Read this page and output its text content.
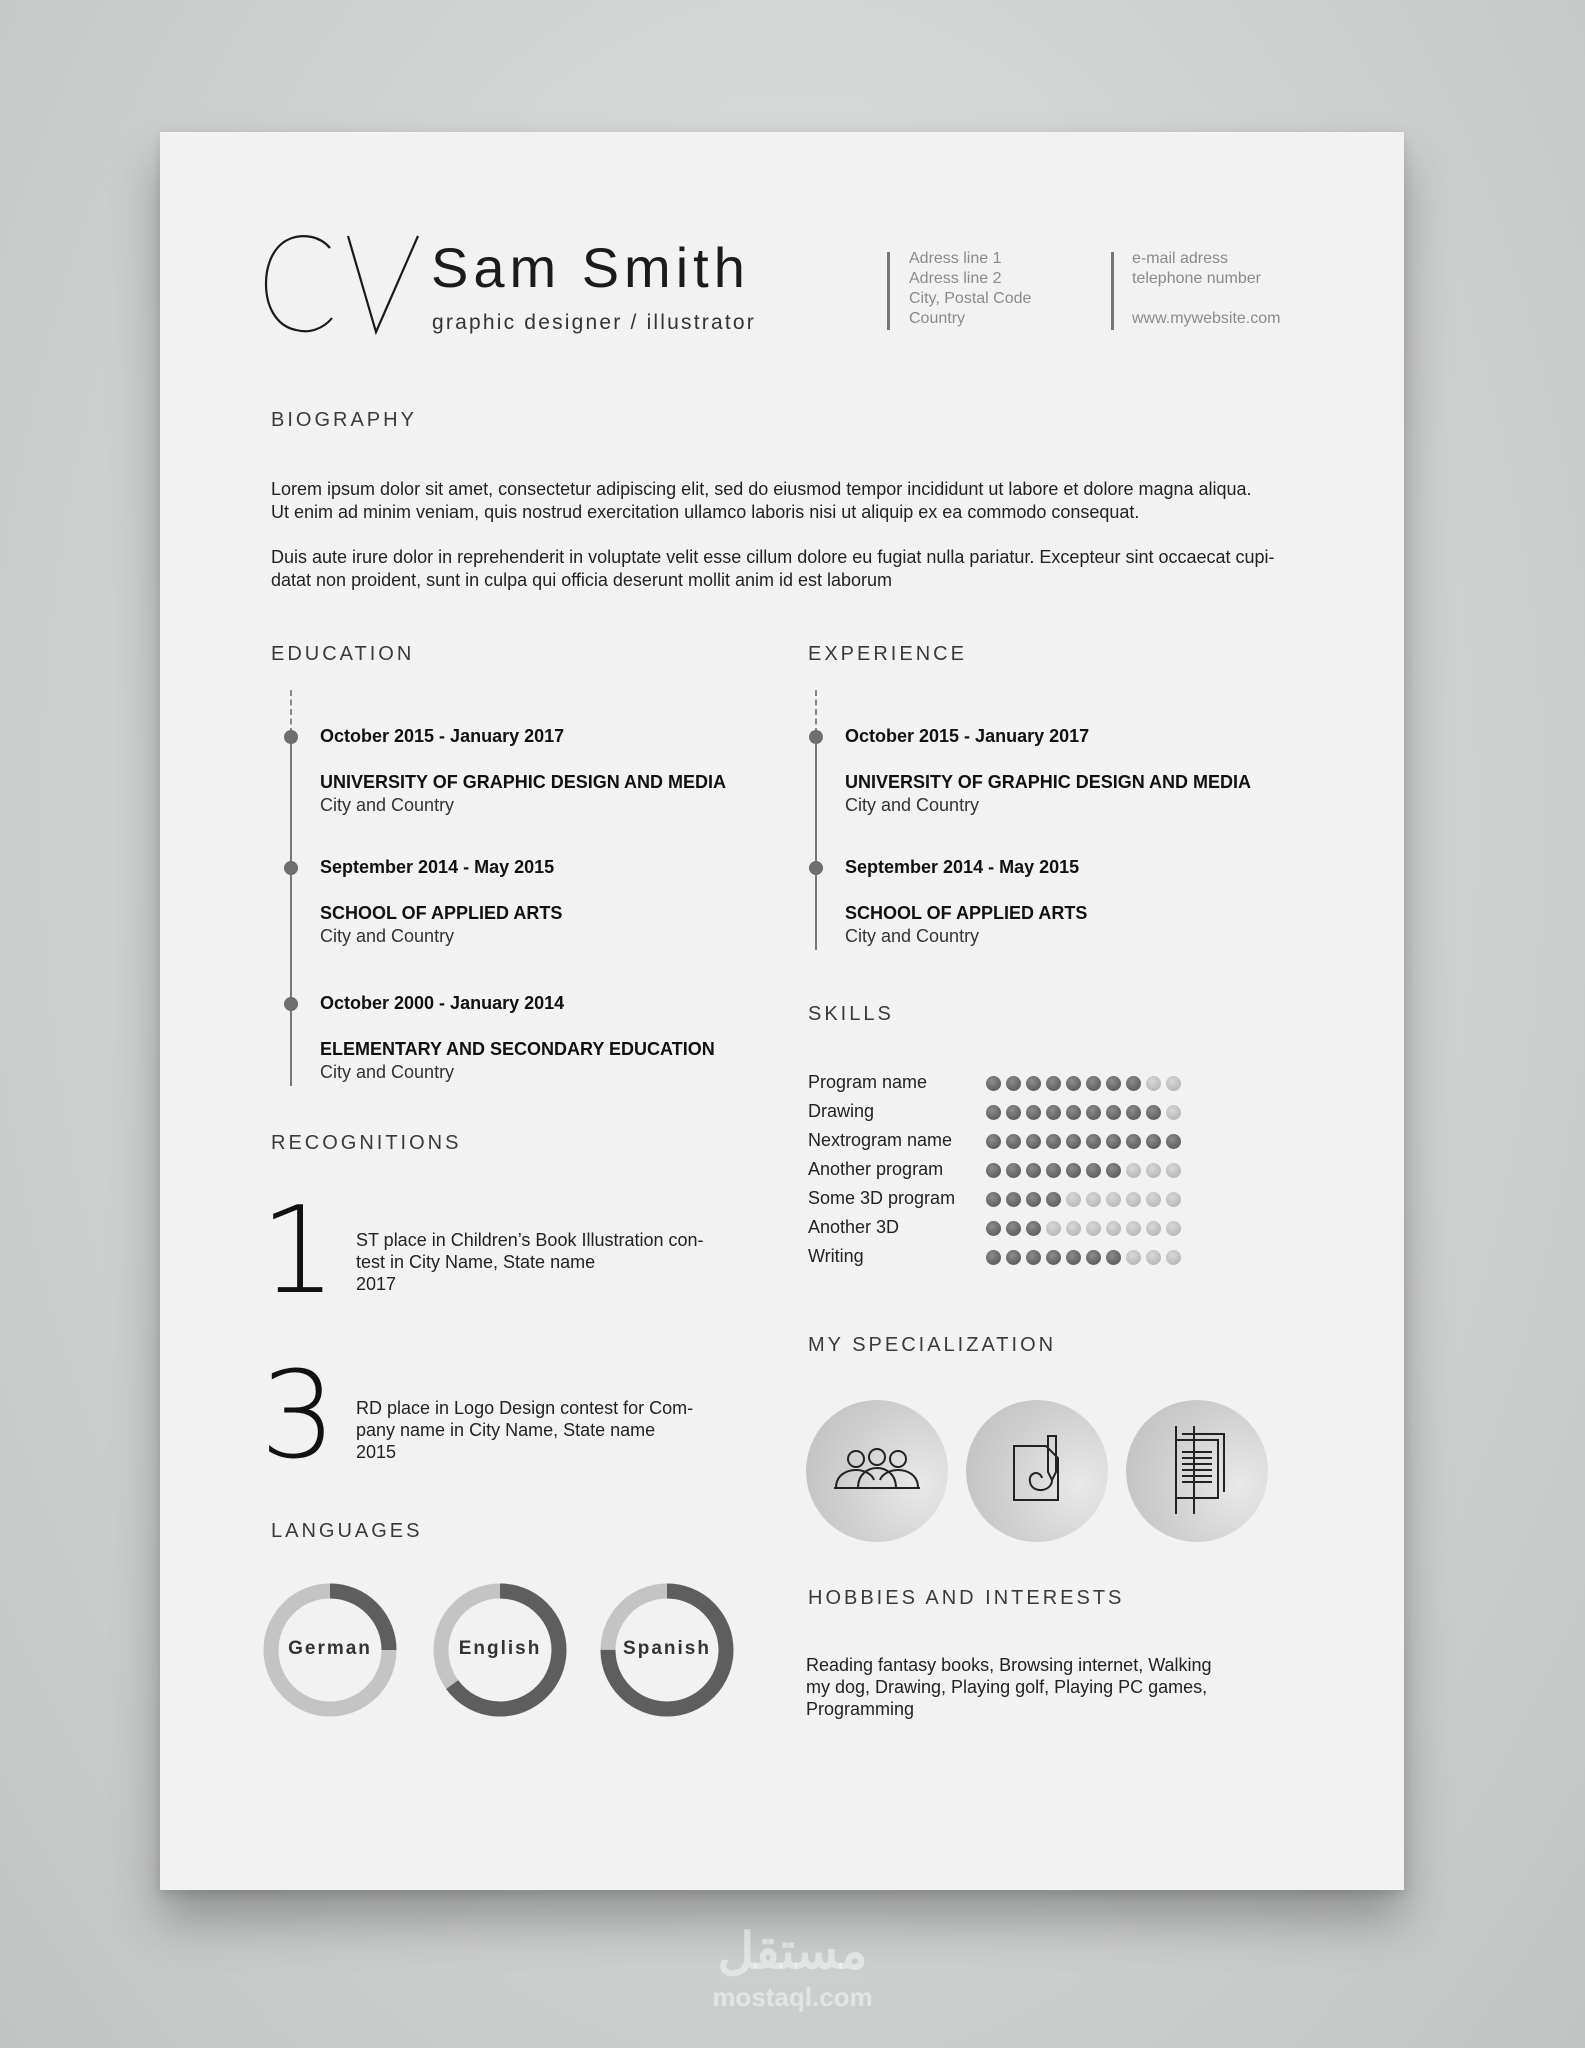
Sam Smith
graphic designer / illustrator
Adress line 1
Adress line 2
City, Postal Code
Country
e-mail adress
telephone number
www.mywebsite.com
BIOGRAPHY
Lorem ipsum dolor sit amet, consectetur adipiscing elit, sed do eiusmod tempor incididunt ut labore et dolore magna aliqua.
Ut enim ad minim veniam, quis nostrud exercitation ullamco laboris nisi ut aliquip ex ea commodo consequat.
Duis aute irure dolor in reprehenderit in voluptate velit esse cillum dolore eu fugiat nulla pariatur. Excepteur sint occaecat cupi-
datat non proident, sunt in culpa qui officia deserunt mollit anim id est laborum
EDUCATION
October 2015 - January 2017
UNIVERSITY OF GRAPHIC DESIGN AND MEDIA
City and Country
September 2014 - May 2015
SCHOOL OF APPLIED ARTS
City and Country
October 2000 - January 2014
ELEMENTARY AND SECONDARY EDUCATION
City and Country
EXPERIENCE
October 2015 - January 2017
UNIVERSITY OF GRAPHIC DESIGN AND MEDIA
City and Country
September 2014 - May 2015
SCHOOL OF APPLIED ARTS
City and Country
SKILLS
Program name
Drawing
Nextrogram name
Another program
Some 3D program
Another 3D
Writing
RECOGNITIONS
1 ST place in Children’s Book Illustration con-
test in City Name, State name
2017
3 RD place in Logo Design contest for Com-
pany name in City Name, State name
2015
MY SPECIALIZATION
LANGUAGES
German	English	Spanish
HOBBIES AND INTERESTS
Reading fantasy books, Browsing internet, Walking
my dog, Drawing, Playing golf, Playing PC games,
Programming
مستقل
mostaql.com
